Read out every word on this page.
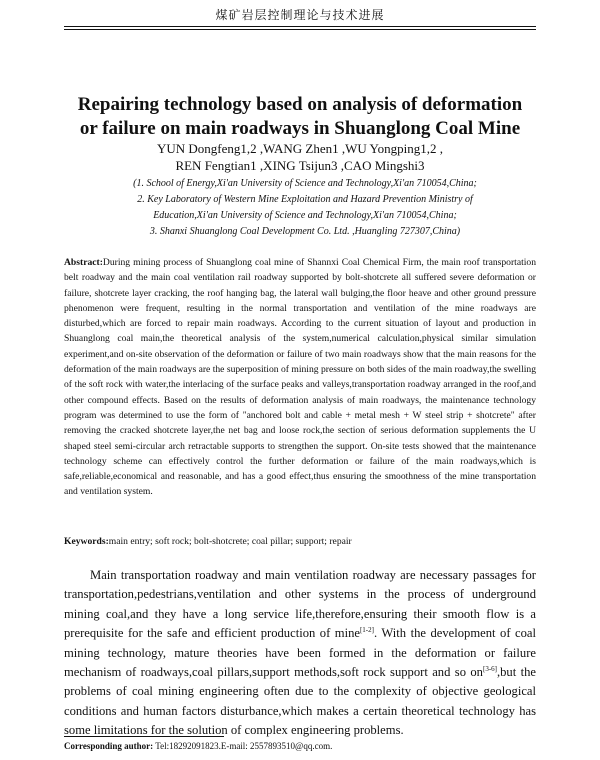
煤矿岩层控制理论与技术进展
Repairing technology based on analysis of deformation
or failure on main roadways in Shuanglong Coal Mine
YUN Dongfeng1,2 ,WANG Zhen1 ,WU Yongping1,2 ,
REN Fengtian1 ,XING Tsijun3 ,CAO Mingshi3
(1. School of Energy,Xi'an University of Science and Technology,Xi'an 710054,China;
2. Key Laboratory of Western Mine Exploitation and Hazard Prevention Ministry of
Education,Xi'an University of Science and Technology,Xi'an 710054,China;
3. Shanxi Shuanglong Coal Development Co. Ltd. ,Huangling 727307,China)
Abstract:During mining process of Shuanglong coal mine of Shannxi Coal Chemical Firm, the main roof transportation belt roadway and the main coal ventilation rail roadway supported by bolt-shotcrete all suffered severe deformation or failure, shotcrete layer cracking, the roof hanging bag, the lateral wall bulging,the floor heave and other ground pressure phenomenon were frequent, resulting in the normal transportation and ventilation of the mine roadways are disturbed,which are forced to repair main roadways. According to the current situation of layout and production in Shuanglong coal main,the theoretical analysis of the system,numerical calculation,physical similar simulation experiment,and on-site observation of the deformation or failure of two main roadways show that the main reasons for the deformation of the main roadways are the superposition of mining pressure on both sides of the main roadway,the swelling of the soft rock with water,the interlacing of the surface peaks and valleys,transportation roadway arranged in the roof,and other compound effects. Based on the results of deformation analysis of main roadways, the maintenance technology program was determined to use the form of "anchored bolt and cable + metal mesh + W steel strip + shotcrete" after removing the cracked shotcrete layer,the net bag and loose rock,the section of serious deformation supplements the U shaped steel semi-circular arch retractable supports to strengthen the support. On-site tests showed that the maintenance technology scheme can effectively control the further deformation or failure of the main roadways,which is safe,reliable,economical and reasonable, and has a good effect,thus ensuring the smoothness of the mine transportation and ventilation system.
Keywords:main entry; soft rock; bolt-shotcrete; coal pillar; support; repair
Main transportation roadway and main ventilation roadway are necessary passages for transportation,pedestrians,ventilation and other systems in the process of underground mining coal,and they have a long service life,therefore,ensuring their smooth flow is a prerequisite for the safe and efficient production of mine[1-2]. With the development of coal mining technology, mature theories have been formed in the deformation or failure mechanism of roadways,coal pillars,support methods,soft rock support and so on[3-6],but the problems of coal mining engineering often due to the complexity of objective geological conditions and human factors disturbance,which makes a certain theoretical technology has some limitations for the solution of complex engineering problems.
Corresponding author: Tel:18292091823.E-mail: 2557893510@qq.com.
